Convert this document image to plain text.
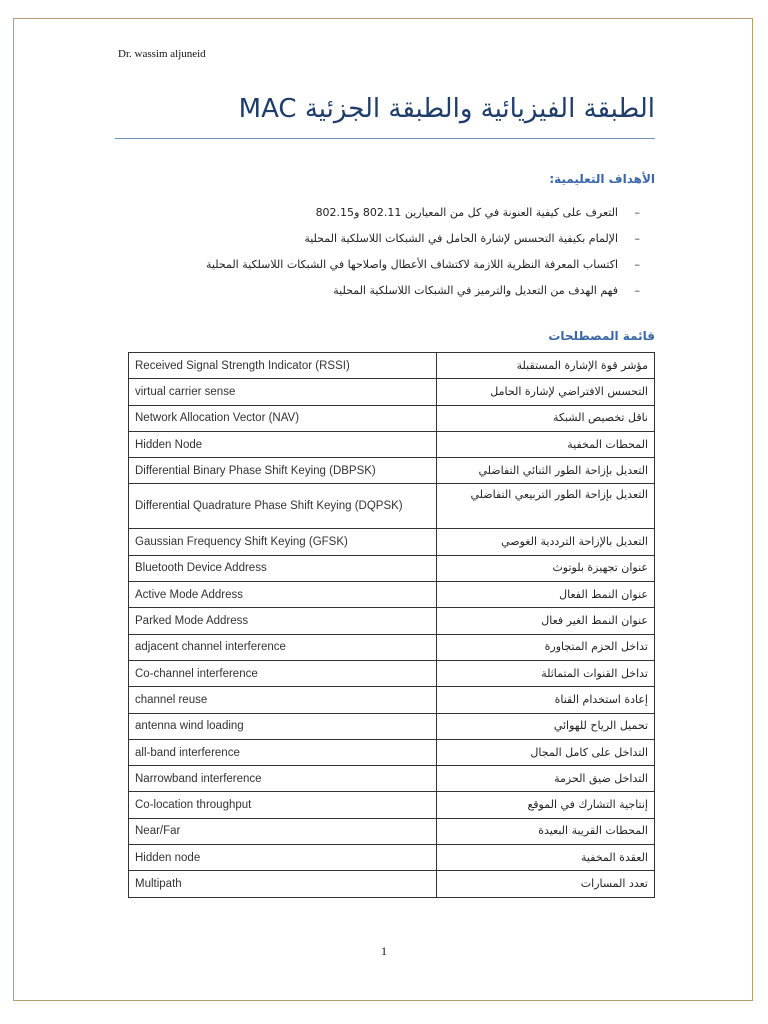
Dr. wassim aljuneid
الطبقة الفيزيائية والطبقة الجزئية MAC
الأهداف التعليمية:
–التعرف على كيفية العنونة في كل من المعيارين 802.11 و802.15
–الإلمام بكيفية التحسس لإشارة الحامل في الشبكات اللاسلكية المحلية
–اكتساب المعرفة النظرية اللازمة لاكتشاف الأعطال واصلاحها في الشبكات اللاسلكية المحلية
–فهم الهدف من التعديل والترميز في الشبكات اللاسلكية المحلية
قائمة المصطلحات
Received Signal Strength Indicator (RSSI)	مؤشر قوة الإشارة المستقبلة
virtual carrier sense	التحسس الافتراضي لإشارة الحامل
Network Allocation Vector (NAV)	ناقل تخصيص الشبكة
Hidden Node	المحطات المخفية
Differential Binary Phase Shift Keying (DBPSK)	التعديل بإزاحة الطور الثنائي التفاضلي
Differential Quadrature Phase Shift Keying (DQPSK)	التعديل بإزاحة الطور التربيعي التفاضلي
Gaussian Frequency Shift Keying (GFSK)	التعديل بالإزاحة الترددية الغوصي
Bluetooth Device Address	عنوان تجهيزة بلوتوث
Active Mode Address	عنوان النمط الفعال
Parked Mode Address	عنوان النمط الغير فعال
adjacent channel interference	تداخل الحزم المتجاورة
Co-channel interference	تداخل القنوات المتماثلة
channel reuse	إعادة استخدام القناة
antenna wind loading	تحميل الرياح للهوائي
all-band interference	التداخل على كامل المجال
Narrowband interference	التداخل ضيق الحزمة
Co-location throughput	إنتاجية التشارك في الموقع
Near/Far	المحطات القريبة البعيدة
Hidden node	العقدة المخفية
Multipath	تعدد المسارات
1
